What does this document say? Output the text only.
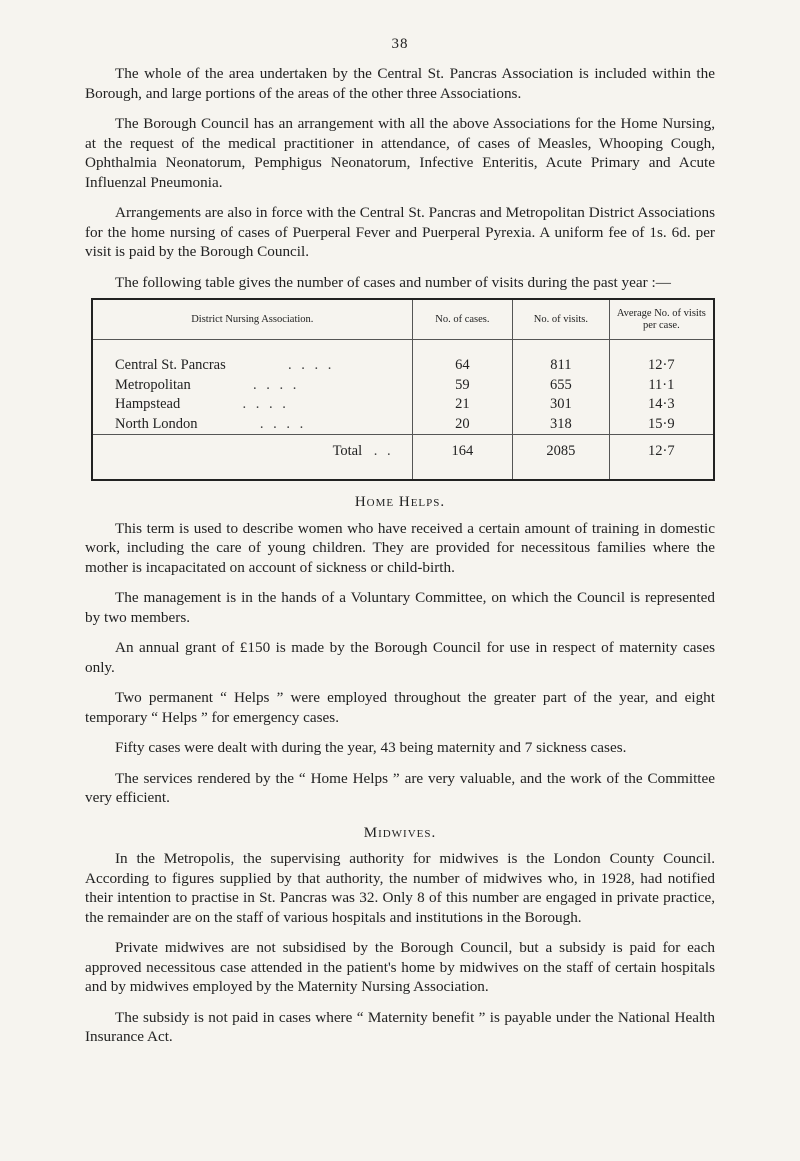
38

The whole of the area undertaken by the Central St. Pancras Association is included within the Borough, and large portions of the areas of the other three Associations.

The Borough Council has an arrangement with all the above Associations for the Home Nursing, at the request of the medical practitioner in attendance, of cases of Measles, Whooping Cough, Ophthalmia Neonatorum, Pemphigus Neonatorum, Infective Enteritis, Acute Primary and Acute Influenzal Pneumonia.

Arrangements are also in force with the Central St. Pancras and Metropolitan District Associations for the home nursing of cases of Puerperal Fever and Puerperal Pyrexia. A uniform fee of 1s. 6d. per visit is paid by the Borough Council.

The following table gives the number of cases and number of visits during the past year :—

District Nursing Association.	No. of cases.	No. of visits.	Average No. of visits per case.

Central St. Pancras . . . .	64	811	12·7
Metropolitan . . . .	59	655	11·1
Hampstead . . . .	21	301	14·3
North London . . . .	20	318	15·9
Total . .	164	2085	12·7

Home Helps.

This term is used to describe women who have received a certain amount of training in domestic work, including the care of young children. They are provided for necessitous families where the mother is incapacitated on account of sickness or child-birth.

The management is in the hands of a Voluntary Committee, on which the Council is represented by two members.

An annual grant of £150 is made by the Borough Council for use in respect of maternity cases only.

Two permanent “ Helps ” were employed throughout the greater part of the year, and eight temporary “ Helps ” for emergency cases.

Fifty cases were dealt with during the year, 43 being maternity and 7 sickness cases.

The services rendered by the “ Home Helps ” are very valuable, and the work of the Committee very efficient.

Midwives.

In the Metropolis, the supervising authority for midwives is the London County Council. According to figures supplied by that authority, the number of midwives who, in 1928, had notified their intention to practise in St. Pancras was 32. Only 8 of this number are engaged in private practice, the remainder are on the staff of various hospitals and institutions in the Borough.

Private midwives are not subsidised by the Borough Council, but a subsidy is paid for each approved necessitous case attended in the patient's home by midwives on the staff of certain hospitals and by midwives employed by the Maternity Nursing Association.

The subsidy is not paid in cases where “ Maternity benefit ” is payable under the National Health Insurance Act.
